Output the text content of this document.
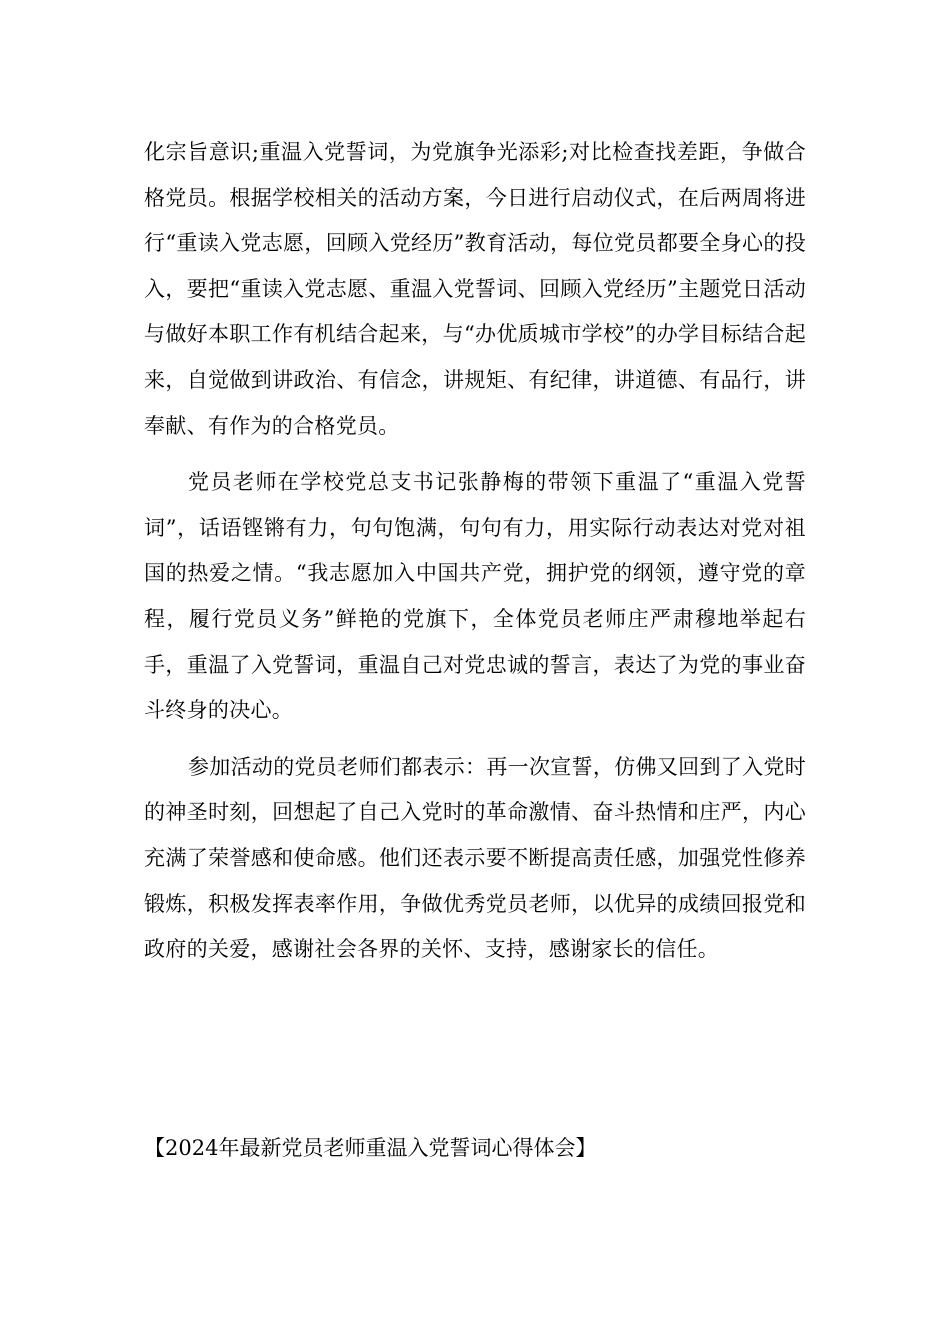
化宗旨意识;重温入党誓词，为党旗争光添彩;对比检查找差距，争做合格党员。根据学校相关的活动方案，今日进行启动仪式，在后两周将进行“重读入党志愿，回顾入党经历”教育活动，每位党员都要全身心的投入，要把“重读入党志愿、重温入党誓词、回顾入党经历”主题党日活动与做好本职工作有机结合起来，与“办优质城市学校”的办学目标结合起来，自觉做到讲政治、有信念，讲规矩、有纪律，讲道德、有品行，讲奉献、有作为的合格党员。

党员老师在学校党总支书记张静梅的带领下重温了“重温入党誓词”，话语铿锵有力，句句饱满，句句有力，用实际行动表达对党对祖国的热爱之情。“我志愿加入中国共产党，拥护党的纲领，遵守党的章程，履行党员义务”鲜艳的党旗下，全体党员老师庄严肃穆地举起右手，重温了入党誓词，重温自己对党忠诚的誓言，表达了为党的事业奋斗终身的决心。

参加活动的党员老师们都表示：再一次宣誓，仿佛又回到了入党时的神圣时刻，回想起了自己入党时的革命激情、奋斗热情和庄严，内心充满了荣誉感和使命感。他们还表示要不断提高责任感，加强党性修养锻炼，积极发挥表率作用，争做优秀党员老师，以优异的成绩回报党和政府的关爱，感谢社会各界的关怀、支持，感谢家长的信任。

【2024年最新党员老师重温入党誓词心得体会】
